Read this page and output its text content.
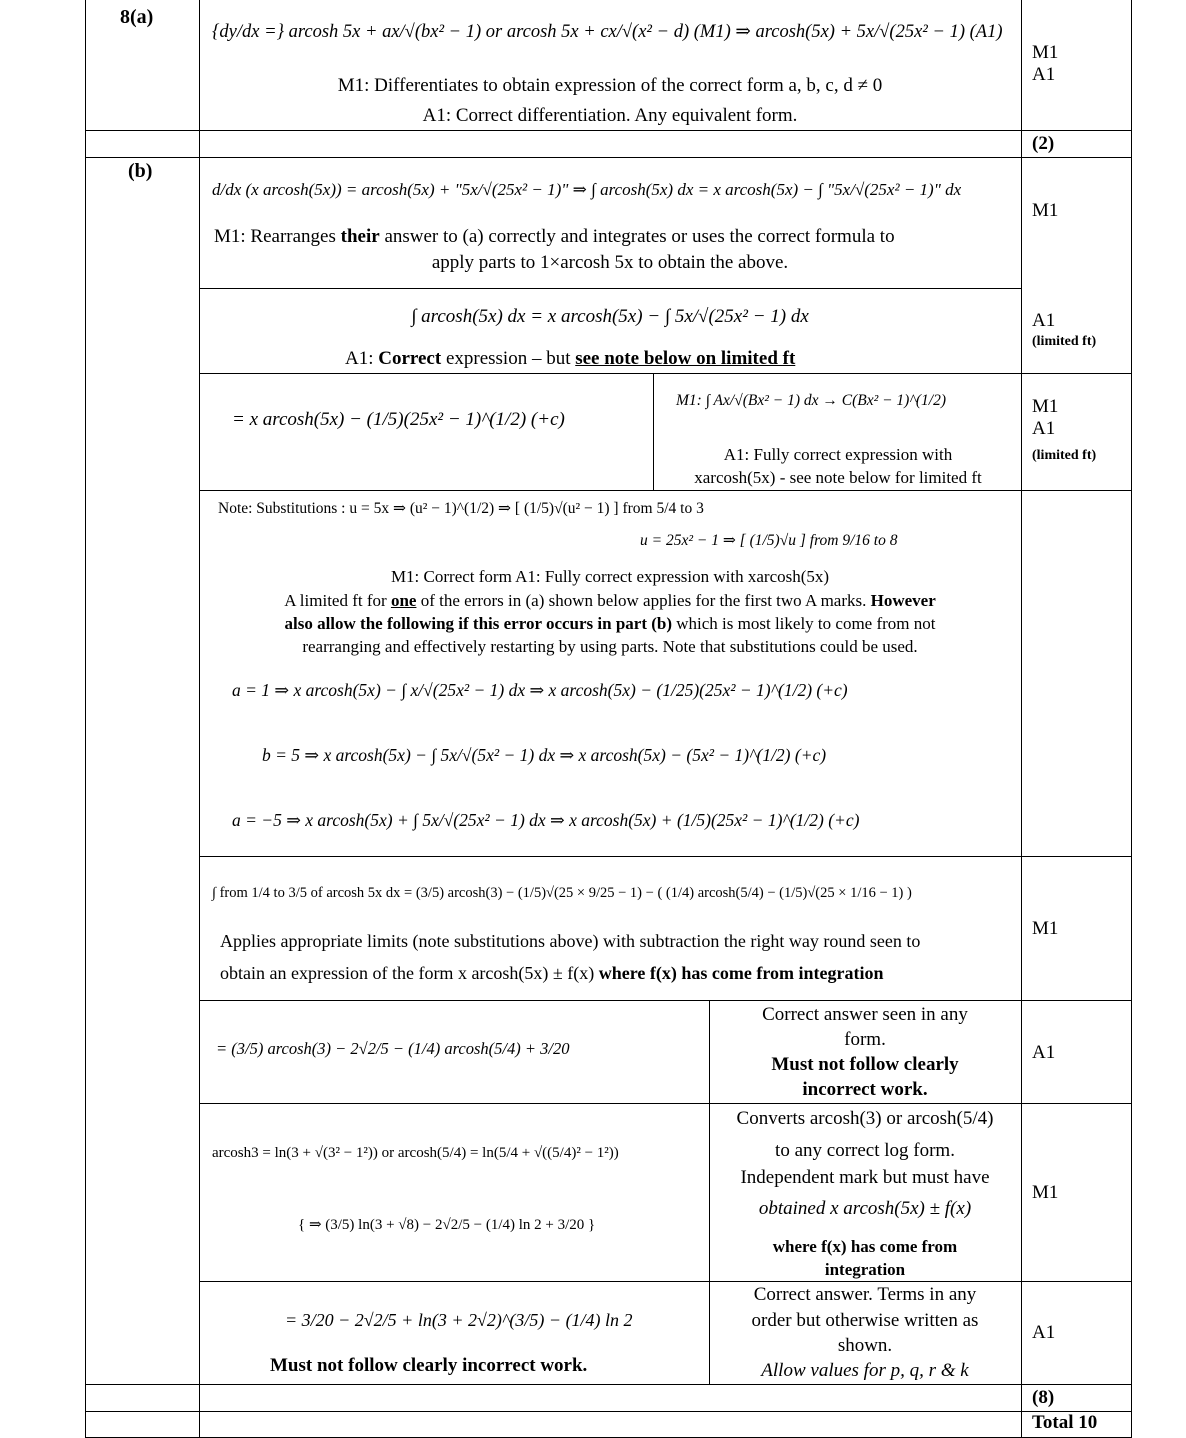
8(a)
(b)
{dy/dx =} arcosh 5x + ax/√(bx² − 1) or arcosh 5x + cx/√(x² − d) (M1) ⇒ arcosh(5x) + 5x/√(25x² − 1) (A1)
M1: Differentiates to obtain expression of the correct form a, b, c, d ≠ 0
A1: Correct differentiation. Any equivalent form.
M1
A1
(2)
d/dx (x arcosh(5x)) = arcosh(5x) + "5x/√(25x² − 1)" ⇒ ∫ arcosh(5x) dx = x arcosh(5x) − ∫ "5x/√(25x² − 1)" dx
M1: Rearranges their answer to (a) correctly and integrates or uses the correct formula to
apply parts to 1×arcosh 5x to obtain the above.
M1
∫ arcosh(5x) dx = x arcosh(5x) − ∫ 5x/√(25x² − 1) dx
A1: Correct expression – but see note below on limited ft
A1
(limited ft)
= x arcosh(5x) − (1/5)(25x² − 1)^(1/2) (+c)
M1: ∫ Ax/√(Bx² − 1) dx → C(Bx² − 1)^(1/2)
A1: Fully correct expression with
xarcosh(5x) - see note below for limited ft
M1
A1
(limited ft)
Note: Substitutions : u = 5x ⇒ (u² − 1)^(1/2) ⇒ [ (1/5)√(u² − 1) ] from 5/4 to 3
u = 25x² − 1 ⇒ [ (1/5)√u ] from 9/16 to 8
M1: Correct form A1: Fully correct expression with xarcosh(5x)
A limited ft for one of the errors in (a) shown below applies for the first two A marks. However
also allow the following if this error occurs in part (b) which is most likely to come from not
rearranging and effectively restarting by using parts. Note that substitutions could be used.
a = 1 ⇒ x arcosh(5x) − ∫ x/√(25x² − 1) dx ⇒ x arcosh(5x) − (1/25)(25x² − 1)^(1/2) (+c)
b = 5 ⇒ x arcosh(5x) − ∫ 5x/√(5x² − 1) dx ⇒ x arcosh(5x) − (5x² − 1)^(1/2) (+c)
a = −5 ⇒ x arcosh(5x) + ∫ 5x/√(25x² − 1) dx ⇒ x arcosh(5x) + (1/5)(25x² − 1)^(1/2) (+c)
∫ from 1/4 to 3/5 of arcosh 5x dx = (3/5) arcosh(3) − (1/5)√(25 × 9/25 − 1) − ( (1/4) arcosh(5/4) − (1/5)√(25 × 1/16 − 1) )
Applies appropriate limits (note substitutions above) with subtraction the right way round seen to
obtain an expression of the form x arcosh(5x) ± f(x) where f(x) has come from integration
M1
= (3/5) arcosh(3) − 2√2/5 − (1/4) arcosh(5/4) + 3/20
Correct answer seen in any
form.
Must not follow clearly
incorrect work.
A1
arcosh3 = ln(3 + √(3² − 1²)) or arcosh(5/4) = ln(5/4 + √((5/4)² − 1²))
{ ⇒ (3/5) ln(3 + √8) − 2√2/5 − (1/4) ln 2 + 3/20 }
Converts arcosh(3) or arcosh(5/4)
to any correct log form.
Independent mark but must have
obtained x arcosh(5x) ± f(x)
where f(x) has come from
integration
M1
= 3/20 − 2√2/5 + ln(3 + 2√2)^(3/5) − (1/4) ln 2
Must not follow clearly incorrect work.
Correct answer. Terms in any
order but otherwise written as
shown.
Allow values for p, q, r & k
A1
(8)
Total 10
